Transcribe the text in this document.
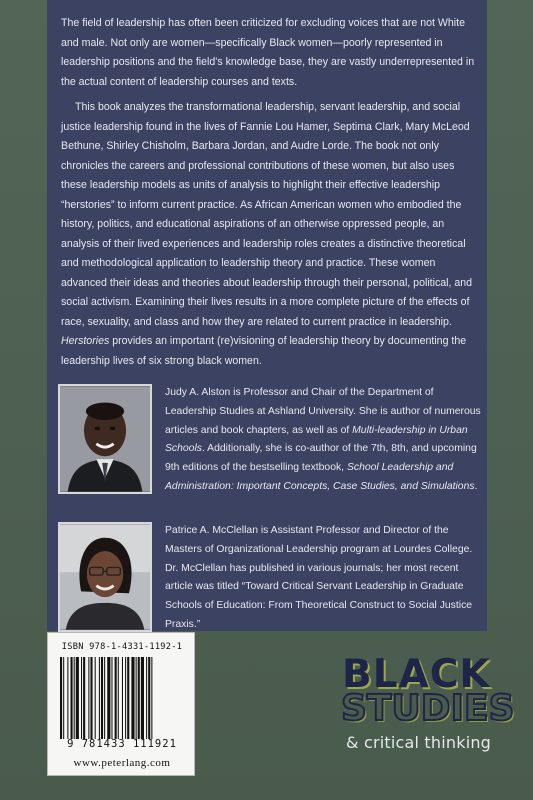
The field of leadership has often been criticized for excluding voices that are not White and male. Not only are women—specifically Black women—poorly represented in leadership positions and the field's knowledge base, they are vastly underrepresented in the actual content of leadership courses and texts.

This book analyzes the transformational leadership, servant leadership, and social justice leadership found in the lives of Fannie Lou Hamer, Septima Clark, Mary McLeod Bethune, Shirley Chisholm, Barbara Jordan, and Audre Lorde. The book not only chronicles the careers and professional contributions of these women, but also uses these leadership models as units of analysis to highlight their effective leadership “herstories” to inform current practice. As African American women who embodied the history, politics, and educational aspirations of an otherwise oppressed people, an analysis of their lived experiences and leadership roles creates a distinctive theoretical and methodological application to leadership theory and practice. These women advanced their ideas and theories about leadership through their personal, political, and social activism. Examining their lives results in a more complete picture of the effects of race, sexuality, and class and how they are related to current practice in leadership. Herstories provides an important (re)visioning of leadership theory by documenting the leadership lives of six strong black women.

Judy A. Alston is Professor and Chair of the Department of Leadership Studies at Ashland University. She is author of numerous articles and book chapters, as well as of Multi-leadership in Urban Schools. Additionally, she is co-author of the 7th, 8th, and upcoming 9th editions of the bestselling textbook, School Leadership and Administration: Important Concepts, Case Studies, and Simulations.
Patrice A. McClellan is Assistant Professor and Director of the Masters of Organizational Leadership program at Lourdes College. Dr. McClellan has published in various journals; her most recent article was titled “Toward Critical Servant Leadership in Graduate Schools of Education: From Theoretical Construct to Social Justice Praxis.”
ISBN 978-1-4331-1192-1
9 781433 111921
www.peterlang.com
BLACK
STUDIES
& critical thinking
